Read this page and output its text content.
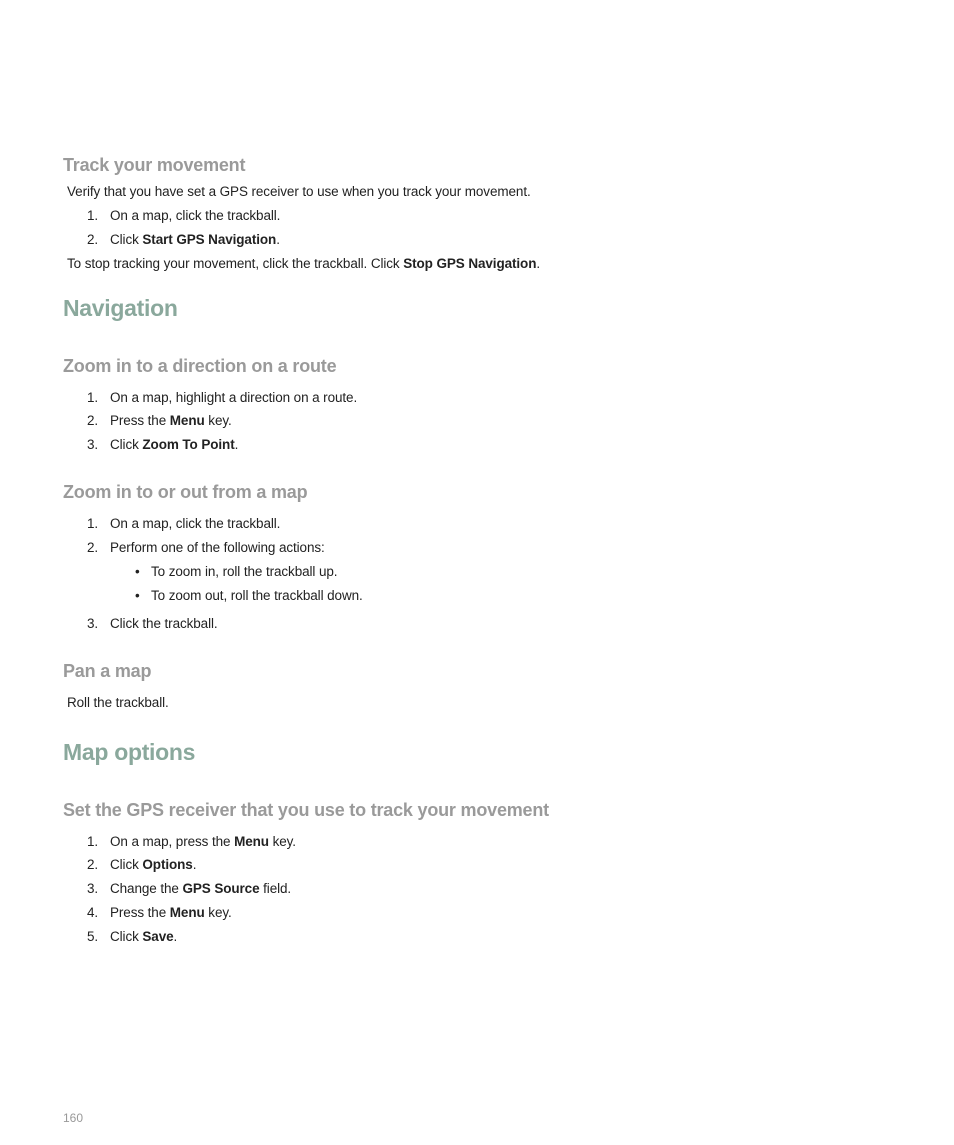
Track your movement

Verify that you have set a GPS receiver to use when you track your movement.

1. On a map, click the trackball.

2. Click Start GPS Navigation.

To stop tracking your movement, click the trackball. Click Stop GPS Navigation.

Navigation
Zoom in to a direction on a route

1. On a map, highlight a direction on a route.

2. Press the Menu key.

3. Click Zoom To Point.

Zoom in to or out from a map

1. On a map, click the trackball.

2. Perform one of the following actions:

• To zoom in, roll the trackball up.

• To zoom out, roll the trackball down.

3. Click the trackball.

Pan a map

Roll the trackball.

Map options
Set the GPS receiver that you use to track your movement

1. On a map, press the Menu key.

2. Click Options.

3. Change the GPS Source field.

4. Press the Menu key.

5. Click Save.

160
